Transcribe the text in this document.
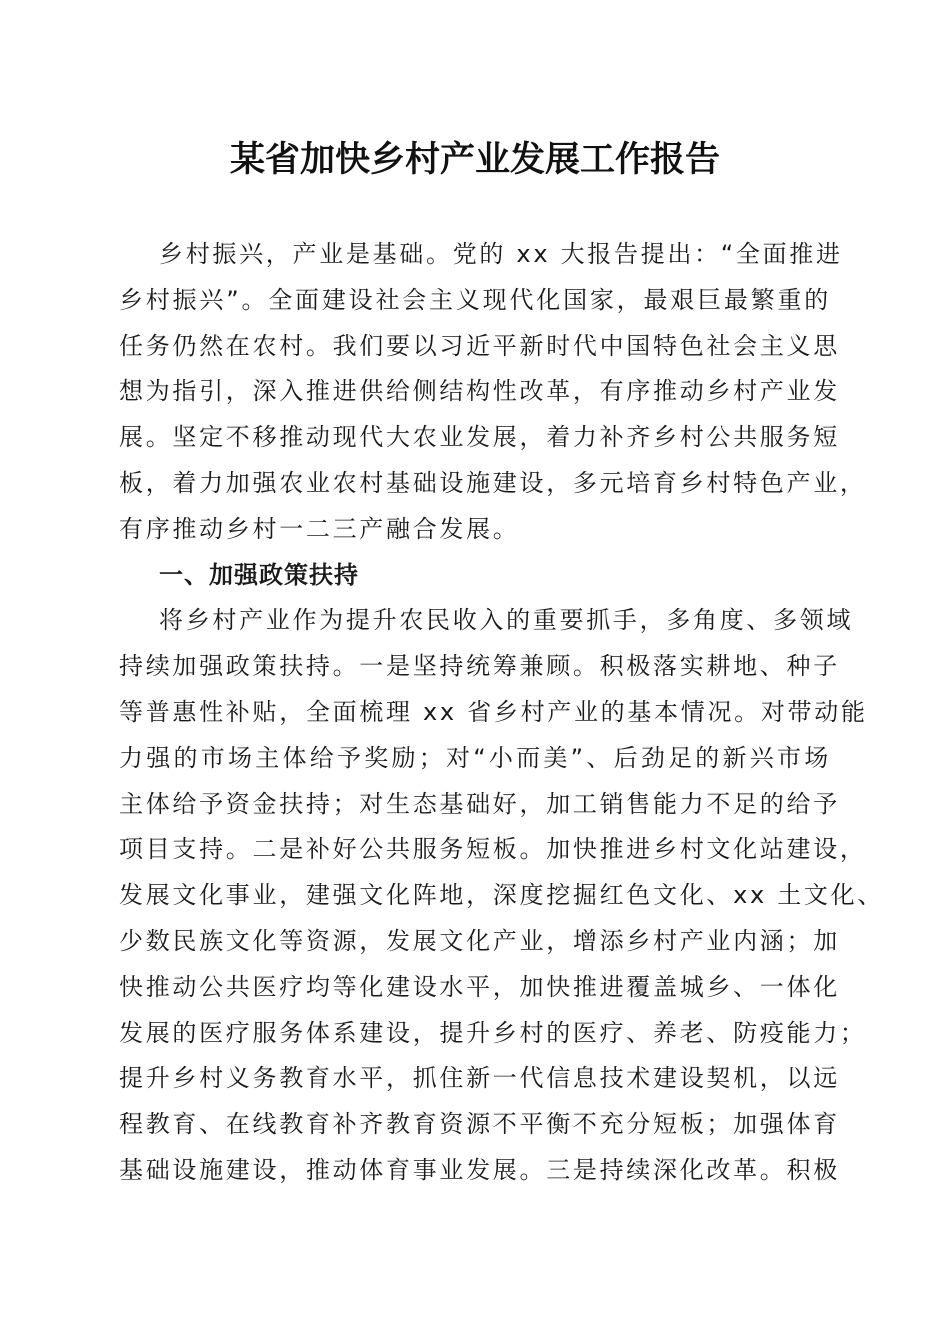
某省加快乡村产业发展工作报告
乡村振兴，产业是基础。党的 xx 大报告提出：“全面推进
乡村振兴”。全面建设社会主义现代化国家，最艰巨最繁重的
任务仍然在农村。我们要以习近平新时代中国特色社会主义思
想为指引，深入推进供给侧结构性改革，有序推动乡村产业发
展。坚定不移推动现代大农业发展，着力补齐乡村公共服务短
板，着力加强农业农村基础设施建设，多元培育乡村特色产业，
有序推动乡村一二三产融合发展。
一、加强政策扶持
将乡村产业作为提升农民收入的重要抓手，多角度、多领域
持续加强政策扶持。一是坚持统筹兼顾。积极落实耕地、种子
等普惠性补贴，全面梳理 xx 省乡村产业的基本情况。对带动能
力强的市场主体给予奖励；对“小而美”、后劲足的新兴市场
主体给予资金扶持；对生态基础好，加工销售能力不足的给予
项目支持。二是补好公共服务短板。加快推进乡村文化站建设，
发展文化事业，建强文化阵地，深度挖掘红色文化、xx 土文化、
少数民族文化等资源，发展文化产业，增添乡村产业内涵；加
快推动公共医疗均等化建设水平，加快推进覆盖城乡、一体化
发展的医疗服务体系建设，提升乡村的医疗、养老、防疫能力；
提升乡村义务教育水平，抓住新一代信息技术建设契机，以远
程教育、在线教育补齐教育资源不平衡不充分短板；加强体育
基础设施建设，推动体育事业发展。三是持续深化改革。积极
